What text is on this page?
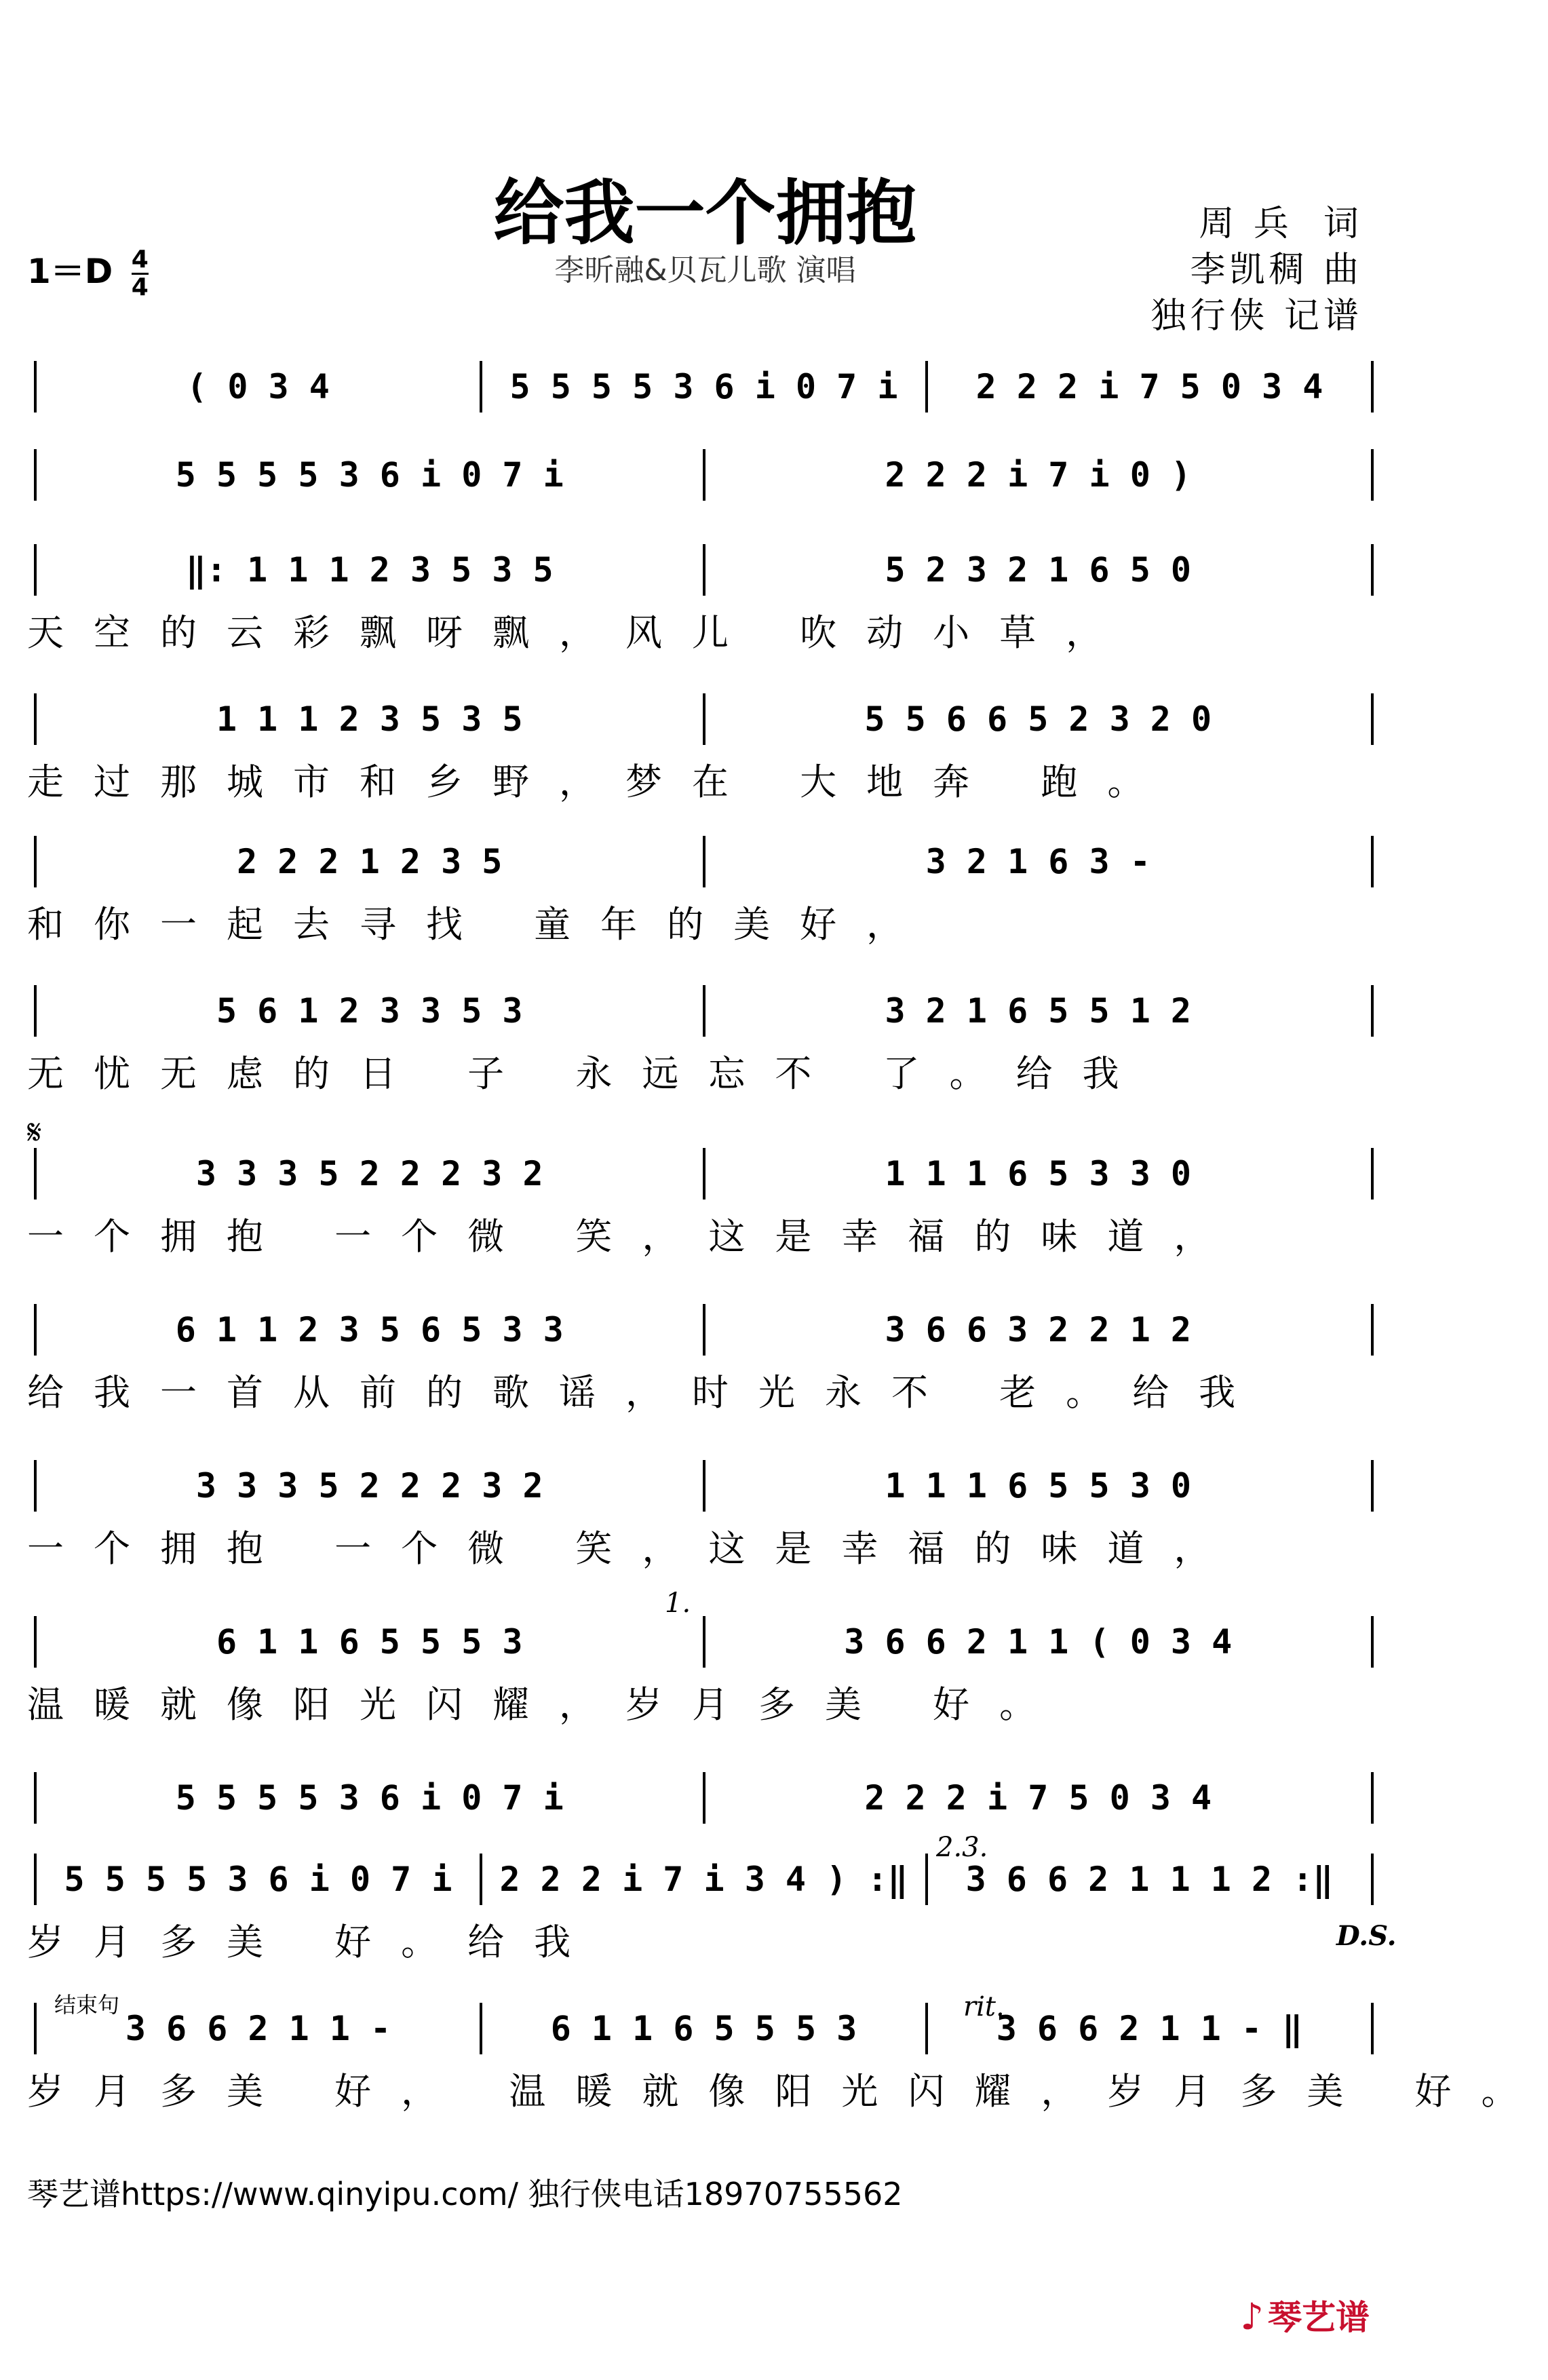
给我一个拥抱
李昕融&贝瓦儿歌 演唱
周 兵  词
李凯稠 曲
独行侠 记谱
$1=D \frac{4}{4}$
( 0 3 4	5 5 5 5 3 6 i 0 7 i	2 2 2 i 7 5 0 3 4
5 5 5 5 3 6 i 0 7 i	2 2 2 i 7 i 0 )
‖: 1 1 1 2 3 5 3 5	5 2 3 2 1 6 5 0
天空的云彩飘呀飘，风儿 吹动小草，
1 1 1 2 3 5 3 5	5 5 6 6 5 2 3 2 0
走过那城市和乡野，梦在 大地奔 跑。
2 2 2 1 2 3 5	3 2 1 6 3 -
和你一起去寻找 童年的美好，
5 6 1 2 3 3 5 3	3 2 1 6 5 5 1 2
无忧无虑的日 子 永远忘不 了。给我
3 3 3 5 2 2 2 3 2	1 1 1 6 5 3 3 0
一个拥抱 一个微 笑，这是幸福的味道，
6 1 1 2 3 5 6 5 3 3	3 6 6 3 2 2 1 2
给我一首从前的歌谣，时光永不 老。给我
3 3 3 5 2 2 2 3 2	1 1 1 6 5 5 3 0
一个拥抱 一个微 笑，这是幸福的味道，
6 1 1 6 5 5 5 3	3 6 6 2 1 1 ( 0 3 4
温暖就像阳光闪耀，岁月多美 好。
5 5 5 5 3 6 i 0 7 i	2 2 2 i 7 5 0 3 4
5 5 5 5 3 6 i 0 7 i	2 2 2 i 7 i 3 4 ) :‖	3 6 6 2 1 1 1 2 :‖
岁月多美 好。给我
3 6 6 2 1 1 -	6 1 1 6 5 5 5 3	3 6 6 2 1 1 - ‖
岁月多美 好， 温暖就像阳光闪耀，岁月多美 好。
𝄋
1.
2.3.
D.S.
结束句	rit.
琴艺谱https://www.qinyipu.com/ 独行侠电话18970755562
♪ 琴艺谱
